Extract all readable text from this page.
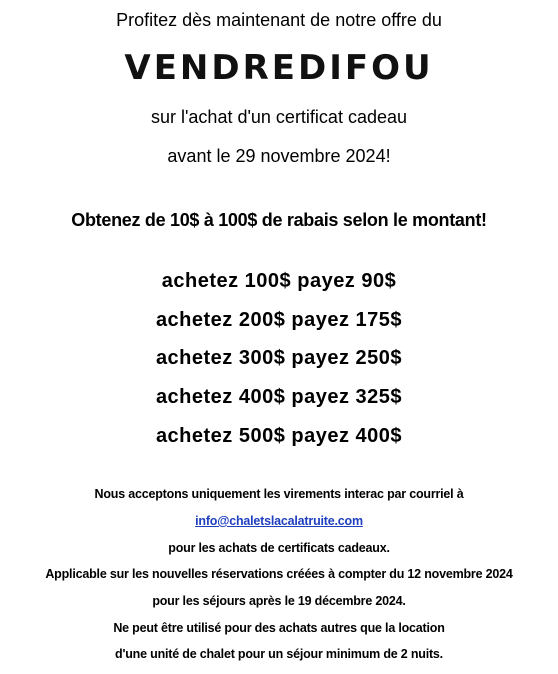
Profitez dès maintenant de notre offre du
VENDREDIFOU
sur l'achat d'un certificat cadeau
avant le 29 novembre 2024!
Obtenez de 10$ à 100$ de rabais selon le montant!
achetez 100$ payez 90$
achetez 200$ payez 175$
achetez 300$ payez 250$
achetez 400$ payez 325$
achetez 500$ payez 400$
Nous acceptons uniquement les virements interac par courriel à
info@chaletslacalatruite.com
pour les achats de certificats cadeaux.
Applicable sur les nouvelles réservations créées à compter du 12 novembre 2024
pour les séjours après le 19 décembre 2024.
Ne peut être utilisé pour des achats autres que la location
d'une unité de chalet pour un séjour minimum de 2 nuits.
